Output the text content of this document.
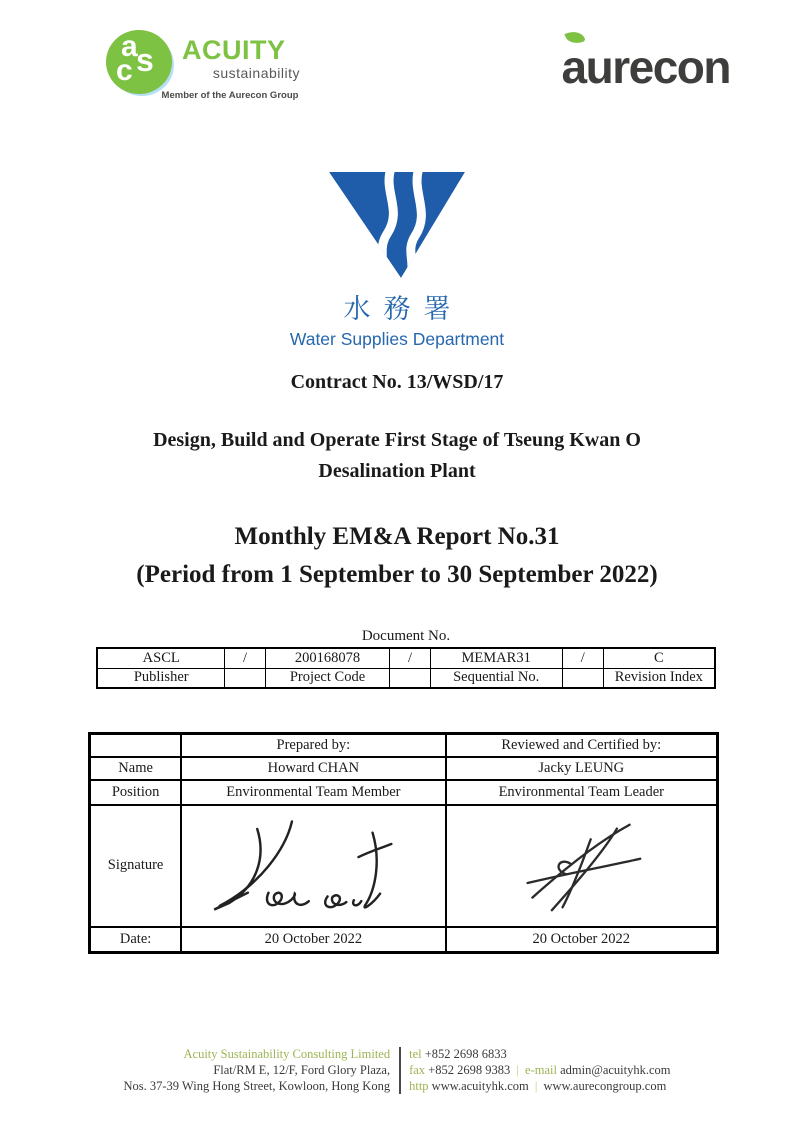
a
s
c
ACUITY
sustainability
Member of the Aurecon Group
aurecon
水務署
Water Supplies Department
Contract No. 13/WSD/17
Design, Build and Operate First Stage of Tseung Kwan O
Desalination Plant
Monthly EM&A Report No.31
(Period from 1 September to 30 September 2022)
Document No.
ASCL	/	200168078	/	MEMAR31	/	C
Publisher		Project Code		Sequential No.		Revision Index
	Prepared by:	Reviewed and Certified by:
Name	Howard CHAN	Jacky LEUNG
Position	Environmental Team Member	Environmental Team Leader
Signature	

Date:	20 October 2022	20 October 2022
Acuity Sustainability Consulting Limited
Flat/RM E, 12/F, Ford Glory Plaza,
Nos. 37-39 Wing Hong Street, Kowloon, Hong Kong
tel +852 2698 6833
fax +852 2698 9383 | e-mail admin@acuityhk.com
http www.acuityhk.com | www.aurecongroup.com
